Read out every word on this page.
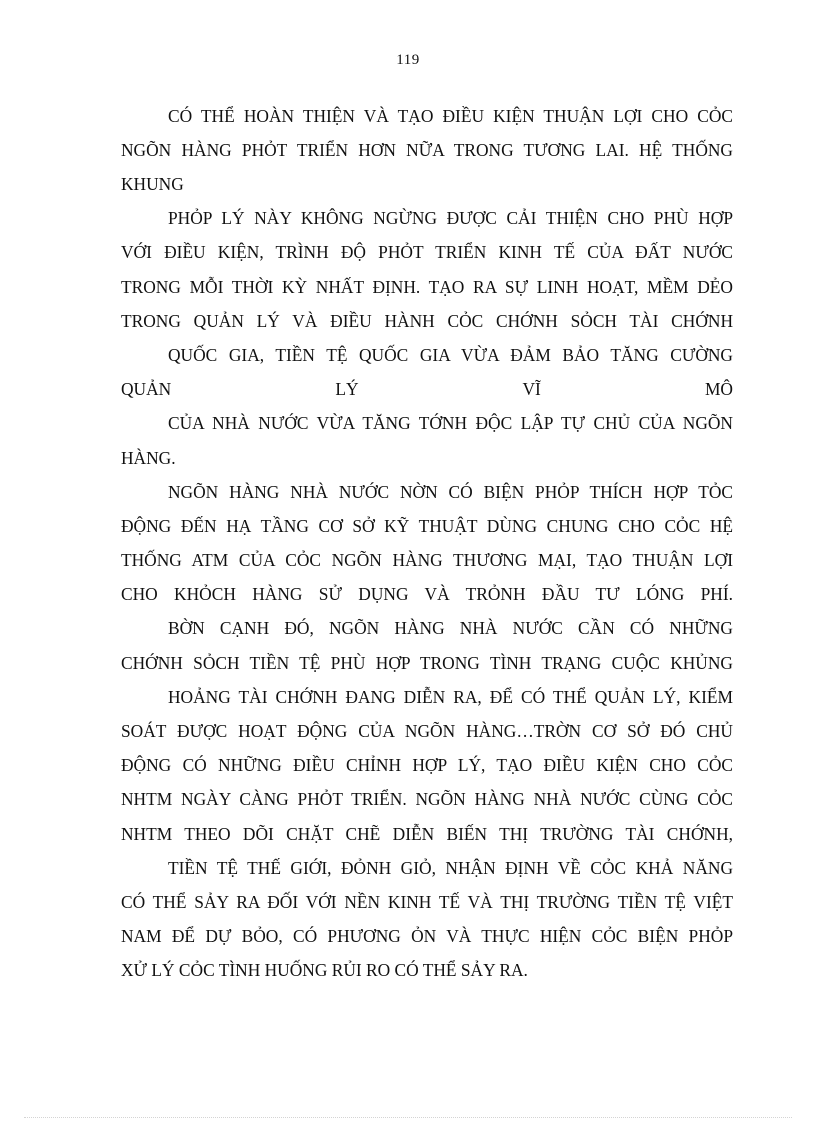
119
CÓ THỂ HOÀN THIỆN VÀ TẠO ĐIỀU KIỆN THUẬN LỢI CHO CỎC
NGÕN HÀNG PHỎT TRIỂN HƠN NỮA TRONG TƯƠNG LAI. HỆ THỐNG
KHUNG
PHỎP LÝ NÀY KHÔNG NGỪNG ĐƯỢC CẢI THIỆN CHO PHÙ HỢP
VỚI ĐIỀU KIỆN, TRÌNH ĐỘ PHỎT TRIỂN KINH TẾ CỦA ĐẤT NƯỚC
TRONG MỖI THỜI KỲ NHẤT ĐỊNH. TẠO RA SỰ LINH HOẠT, MỀM DẺO
TRONG QUẢN LÝ VÀ ĐIỀU HÀNH CỎC CHỚNH SỎCH TÀI CHỚNH
QUỐC GIA, TIỀN TỆ QUỐC GIA VỪA ĐẢM BẢO TĂNG CƯỜNG
QUẢN LÝ VĨ MÔ
CỦA NHÀ NƯỚC VỪA TĂNG TỚNH ĐỘC LẬP TỰ CHỦ CỦA NGÕN
HÀNG.
NGÕN HÀNG NHÀ NƯỚC NỜN CÓ BIỆN PHỎP THÍCH HỢP TỎC
ĐỘNG ĐẾN HẠ TẦNG CƠ SỞ KỸ THUẬT DÙNG CHUNG CHO CỎC HỆ
THỐNG ATM CỦA CỎC NGÕN HÀNG THƯƠNG MẠI, TẠO THUẬN LỢI
CHO KHỎCH HÀNG SỬ DỤNG VÀ TRỎNH ĐẦU TƯ LÓNG PHÍ.
BỜN CẠNH ĐÓ, NGÕN HÀNG NHÀ NƯỚC CẦN CÓ NHỮNG
CHỚNH SỎCH TIỀN TỆ PHÙ HỢP TRONG TÌNH TRẠNG CUỘC KHỦNG
HOẢNG TÀI CHỚNH ĐANG DIỄN RA, ĐỂ CÓ THỂ QUẢN LÝ, KIỂM
SOÁT ĐƯỢC HOẠT ĐỘNG CỦA NGÕN HÀNG…TRỜN CƠ SỞ ĐÓ CHỦ
ĐỘNG CÓ NHỮNG ĐIỀU CHỈNH HỢP LÝ, TẠO ĐIỀU KIỆN CHO CỎC
NHTM NGÀY CÀNG PHỎT TRIỂN. NGÕN HÀNG NHÀ NƯỚC CÙNG CỎC
NHTM THEO DÕI CHẶT CHẼ DIỄN BIẾN THỊ TRƯỜNG TÀI CHỚNH,
TIỀN TỆ THẾ GIỚI, ĐỎNH GIỎ, NHẬN ĐỊNH VỀ CỎC KHẢ NĂNG
CÓ THỂ SẢY RA ĐỐI VỚI NỀN KINH TẾ VÀ THỊ TRƯỜNG TIỀN TỆ VIỆT
NAM ĐỂ DỰ BỎO, CÓ PHƯƠNG ỎN VÀ THỰC HIỆN CỎC BIỆN PHỎP
XỬ LÝ CỎC TÌNH HUỐNG RỦI RO CÓ THỂ SẢY RA.
